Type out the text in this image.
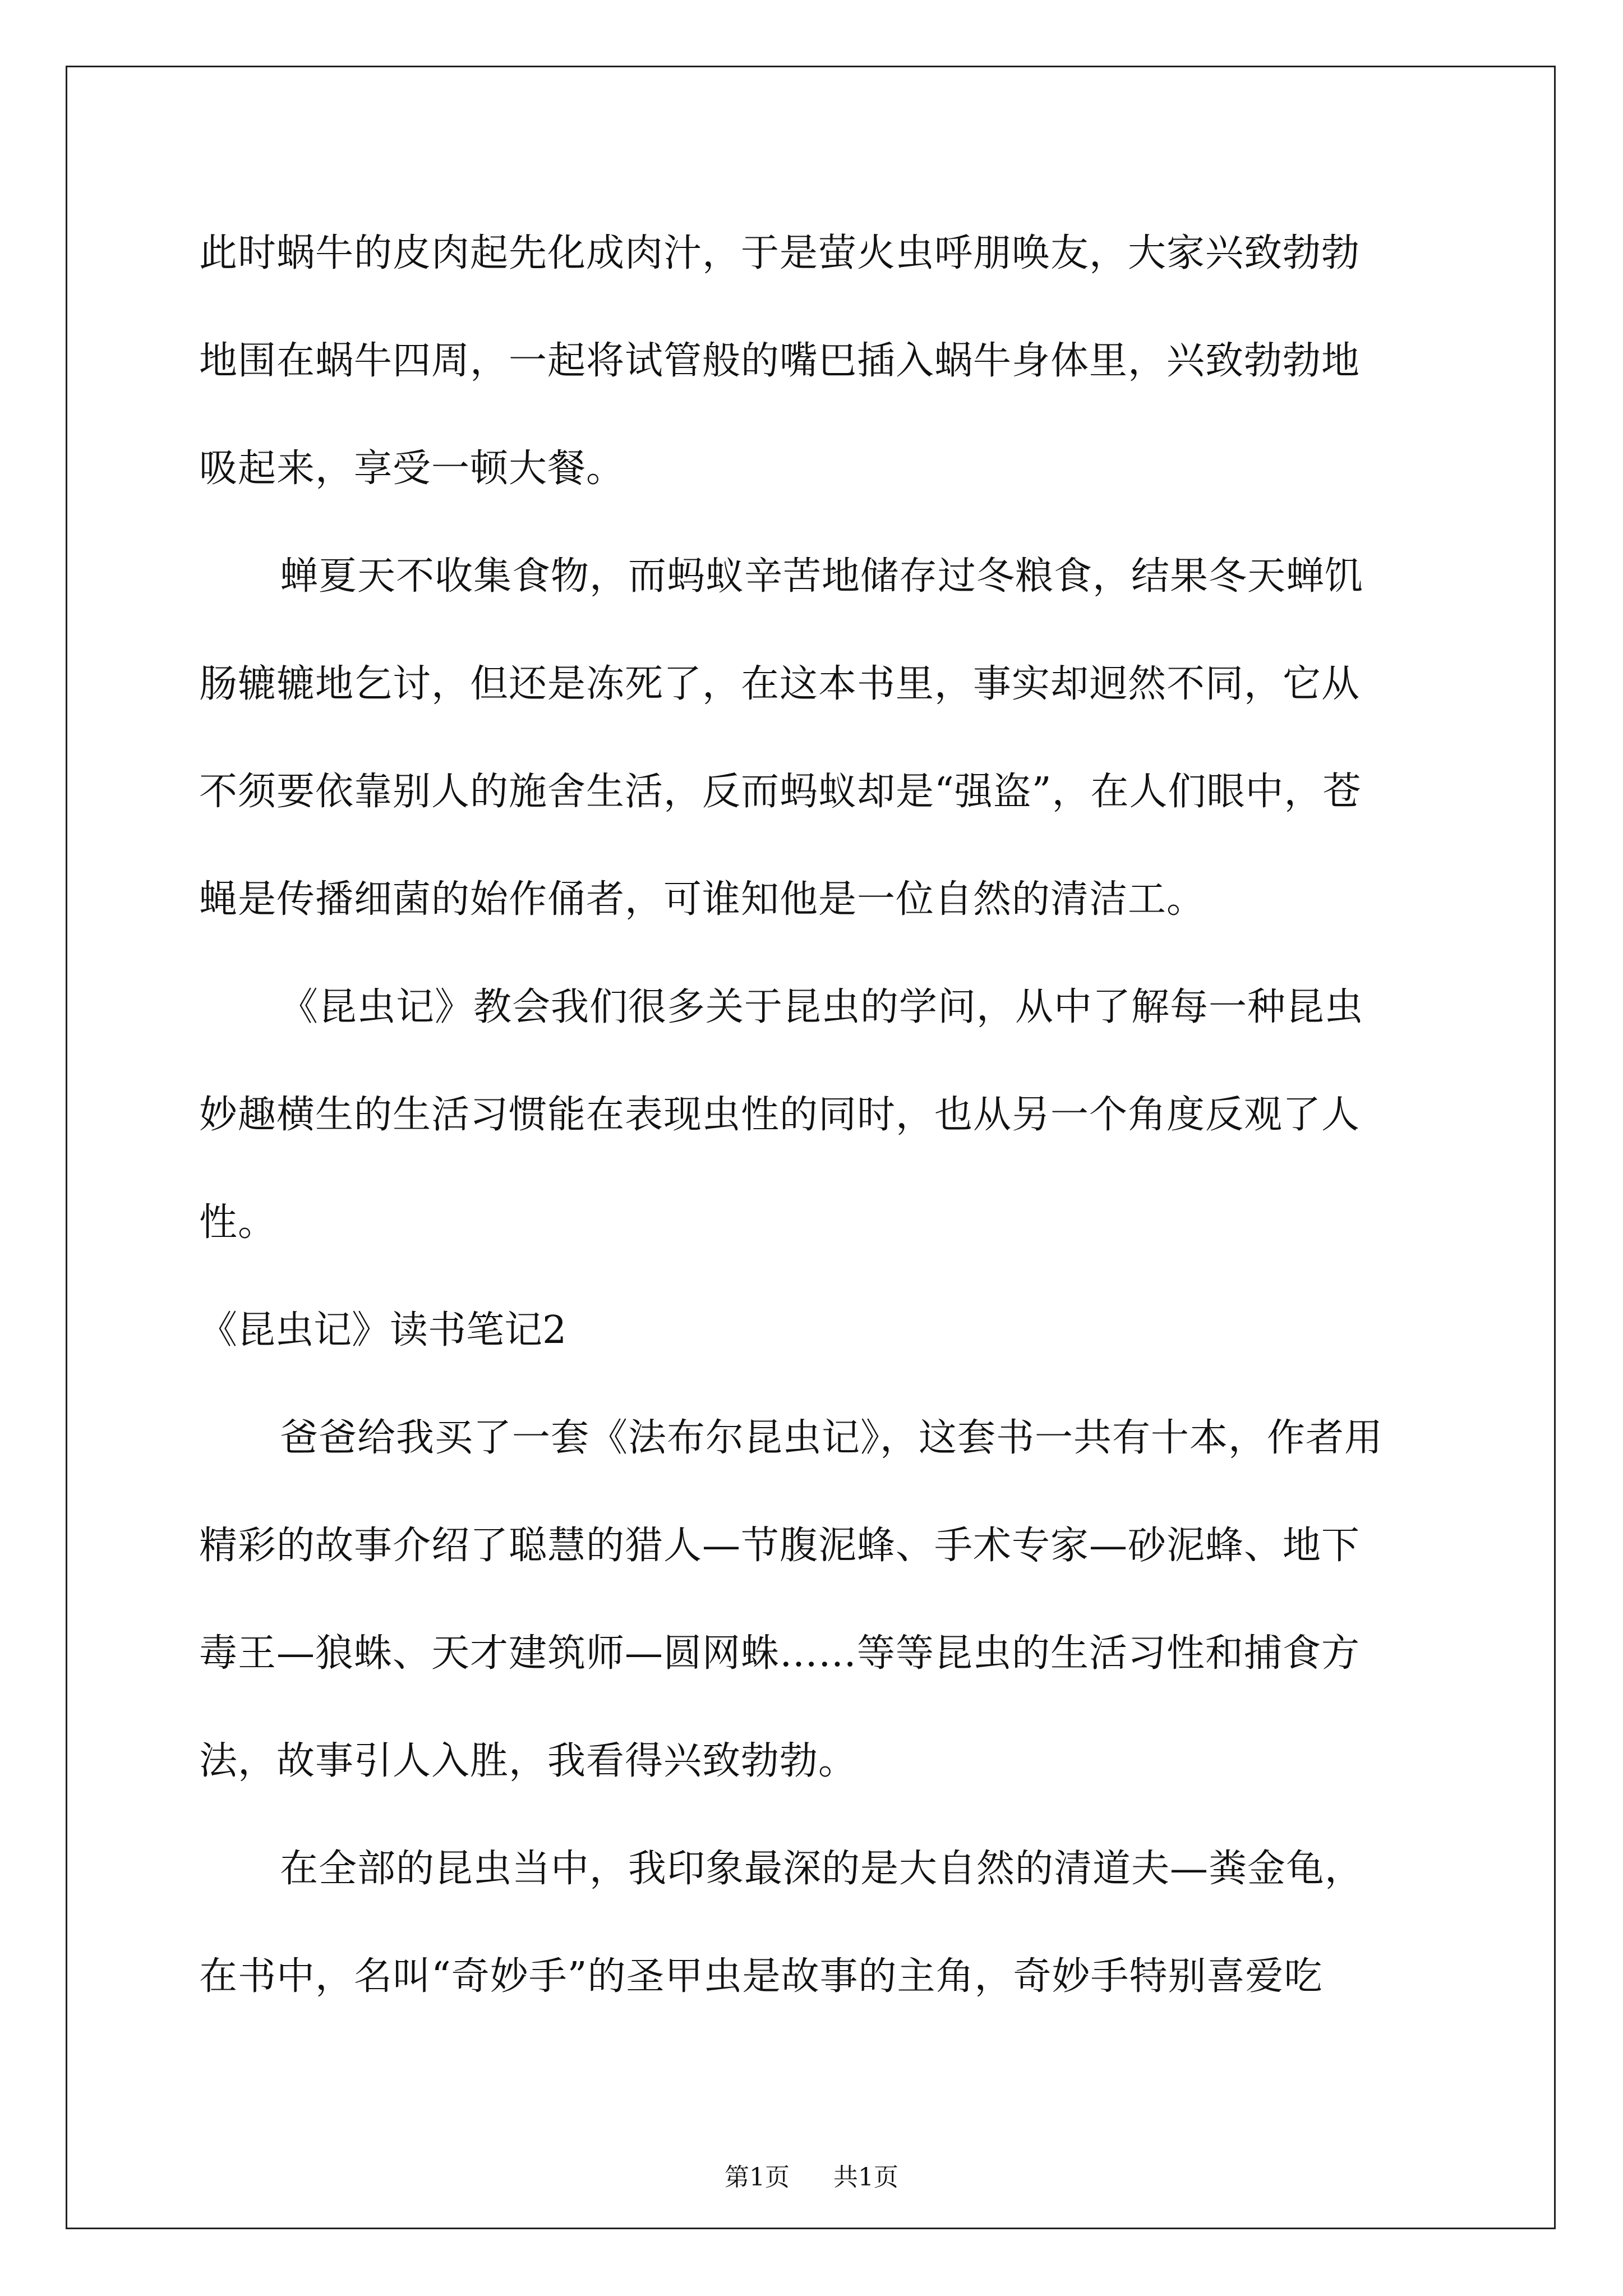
此时蜗牛的皮肉起先化成肉汁，于是萤火虫呼朋唤友，大家兴致勃勃
地围在蜗牛四周，一起将试管般的嘴巴插入蜗牛身体里，兴致勃勃地
吸起来，享受一顿大餐。
蝉夏天不收集食物，而蚂蚁辛苦地储存过冬粮食，结果冬天蝉饥
肠辘辘地乞讨，但还是冻死了，在这本书里，事实却迥然不同，它从
不须要依靠别人的施舍生活，反而蚂蚁却是“强盗”，在人们眼中，苍
蝇是传播细菌的始作俑者，可谁知他是一位自然的清洁工。
《昆虫记》教会我们很多关于昆虫的学问，从中了解每一种昆虫
妙趣横生的生活习惯能在表现虫性的同时，也从另一个角度反观了人
性。
《昆虫记》读书笔记2
爸爸给我买了一套《法布尔昆虫记》，这套书一共有十本，作者用
精彩的故事介绍了聪慧的猎人—节腹泥蜂、手术专家—砂泥蜂、地下
毒王—狼蛛、天才建筑师—圆网蛛……等等昆虫的生活习性和捕食方
法，故事引人入胜，我看得兴致勃勃。
在全部的昆虫当中，我印象最深的是大自然的清道夫—粪金龟，
在书中，名叫“奇妙手”的圣甲虫是故事的主角，奇妙手特别喜爱吃
第1页 共1页
